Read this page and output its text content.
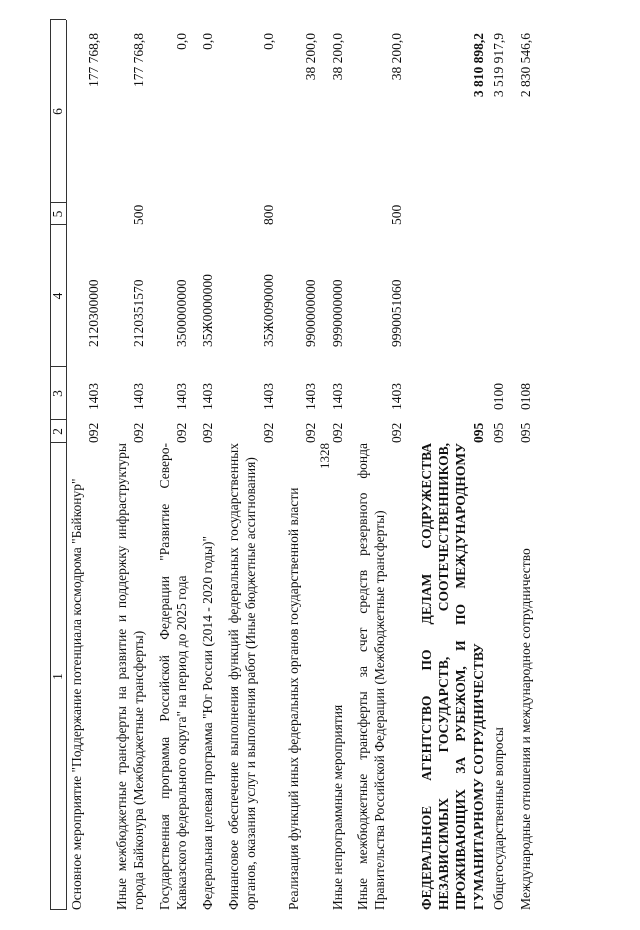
1328
1
2
3
4
5
6
Основное мероприятие "Поддержание потенциала космодрома "Байконур"
092
1403
2120300000
177 768,8
Иные межбюджетные трансферты на развитие и поддержку инфраструктуры города Байконура (Межбюджетные трансферты)
092
1403
2120351570
500
177 768,8
Государственная программа Российской Федерации "Развитие Северо-Кавказского федерального округа" на период до 2025 года
092
1403
3500000000
0,0
Федеральная целевая программа "Юг России (2014 - 2020 годы)"
092
1403
35Ж0000000
0,0
Финансовое обеспечение выполнения функций федеральных государственных органов, оказания услуг и выполнения работ (Иные бюджетные ассигнования)
092
1403
35Ж0090000
800
0,0
Реализация функций иных федеральных органов государственной власти
092
1403
9900000000
38 200,0
Иные непрограммные мероприятия
092
1403
9990000000
38 200,0
Иные межбюджетные трансферты за счет средств резервного фонда Правительства Российской Федерации (Межбюджетные трансферты)
092
1403
9990051060
500
38 200,0
ФЕДЕРАЛЬНОЕ АГЕНТСТВО ПО ДЕЛАМ СОДРУЖЕСТВА НЕЗАВИСИМЫХ ГОСУДАРСТВ, СООТЕЧЕСТВЕННИКОВ, ПРОЖИВАЮЩИХ ЗА РУБЕЖОМ, И ПО МЕЖДУНАРОДНОМУ ГУМАНИТАРНОМУ СОТРУДНИЧЕСТВУ
095
3 810 898,2
Общегосударственные вопросы
095
0100
3 519 917,9
Международные отношения и международное сотрудничество
095
0108
2 830 546,6
